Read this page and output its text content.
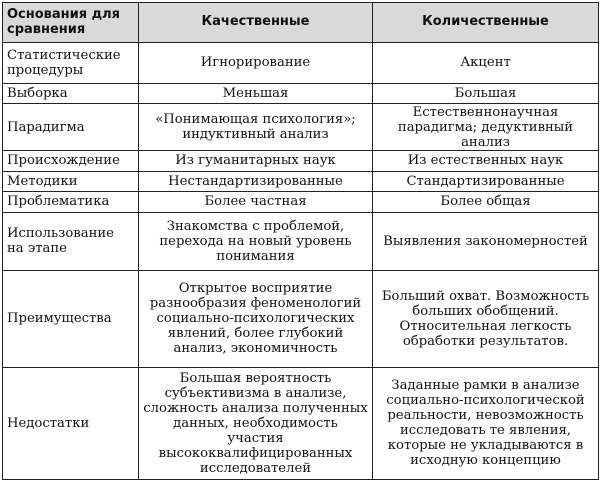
Основания для сравнения	Качественные	Количественные
Статистические процедуры	Игнорирование	Акцент
Выборка	Меньшая	Большая
Парадигма	«Понимающая психология»; индуктивный анализ	Естественнонаучная парадигма; дедуктивный анализ
Происхождение	Из гуманитарных наук	Из естественных наук
Методики	Нестандартизированные	Стандартизированные
Проблематика	Более частная	Более общая
Использование на этапе	Знакомства с проблемой, перехода на новый уровень понимания	Выявления закономерностей
Преимущества	Открытое восприятие разнообразия феноменологий социально-психологических явлений, более глубокий анализ, экономичность	Больший охват. Возможность больших обобщений. Относительная легкость обработки результатов.
Недостатки	Большая вероятность субъективизма в анализе, сложность анализа полученных данных, необходимость участия высококвалифицированных исследователей	Заданные рамки в анализе социально-психологической реальности, невозможность исследовать те явления, которые не укладываются в исходную концепцию
